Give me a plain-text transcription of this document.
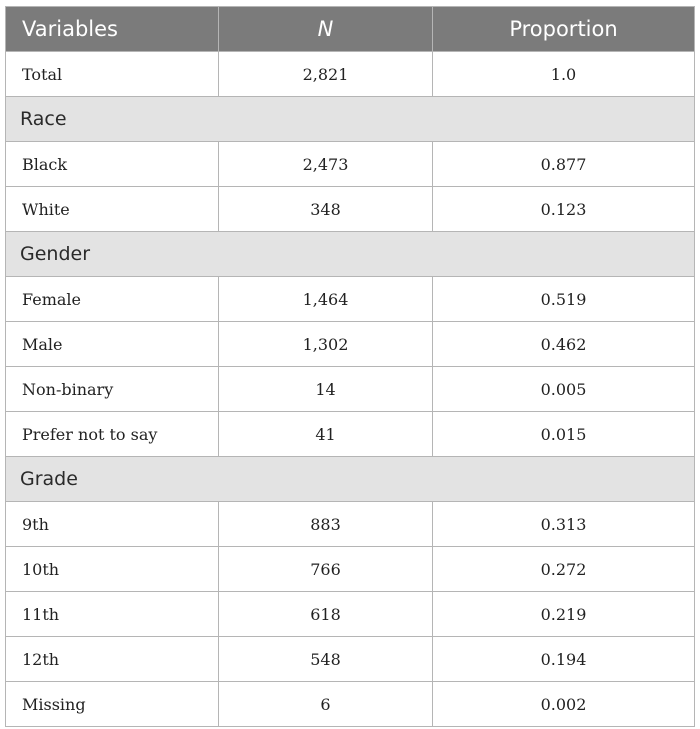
Variables	N	Proportion
Total	2,821	1.0
Race		
Black	2,473	0.877
White	348	0.123
Gender		
Female	1,464	0.519
Male	1,302	0.462
Non-binary	14	0.005
Prefer not to say	41	0.015
Grade		
9th	883	0.313
10th	766	0.272
11th	618	0.219
12th	548	0.194
Missing	6	0.002
